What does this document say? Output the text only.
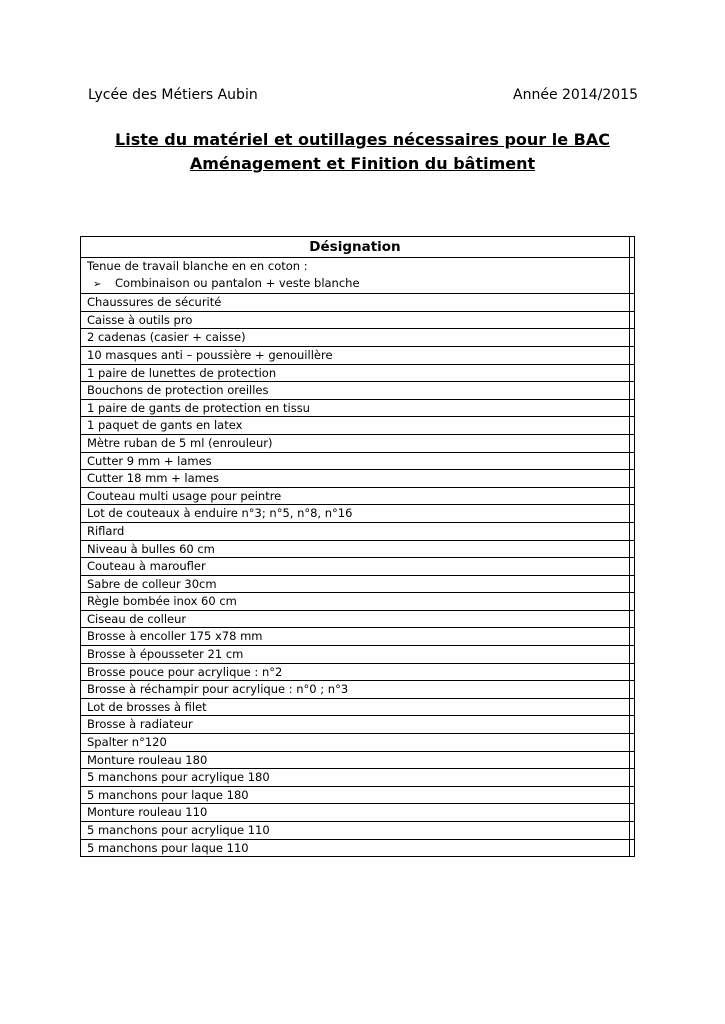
Lycée des Métiers Aubin	Année 2014/2015
Liste du matériel et outillages nécessaires pour le BAC
Aménagement et Finition du bâtiment
Désignation	
Tenue de travail blanche en en coton :
➢ Combinaison ou pantalon + veste blanche	

Chaussures de sécurité	
Caisse à outils pro	
2 cadenas (casier + caisse)	
10 masques anti – poussière + genouillère	
1 paire de lunettes de protection	
Bouchons de protection oreilles	
1 paire de gants de protection en tissu	
1 paquet de gants en latex	
Mètre ruban de 5 ml (enrouleur)	
Cutter 9 mm + lames	
Cutter 18 mm + lames	
Couteau multi usage pour peintre	
Lot de couteaux à enduire n°3; n°5, n°8, n°16	
Riflard	
Niveau à bulles 60 cm	
Couteau à maroufler	
Sabre de colleur 30cm	
Règle bombée inox 60 cm	
Ciseau de colleur	
Brosse à encoller 175 x78 mm	
Brosse à épousseter 21 cm	
Brosse pouce pour acrylique : n°2	
Brosse à réchampir pour acrylique : n°0 ; n°3	
Lot de brosses à filet	
Brosse à radiateur	
Spalter n°120	
Monture rouleau 180	
5 manchons pour acrylique 180	
5 manchons pour laque 180	
Monture rouleau 110	
5 manchons pour acrylique 110	
5 manchons pour laque 110	
